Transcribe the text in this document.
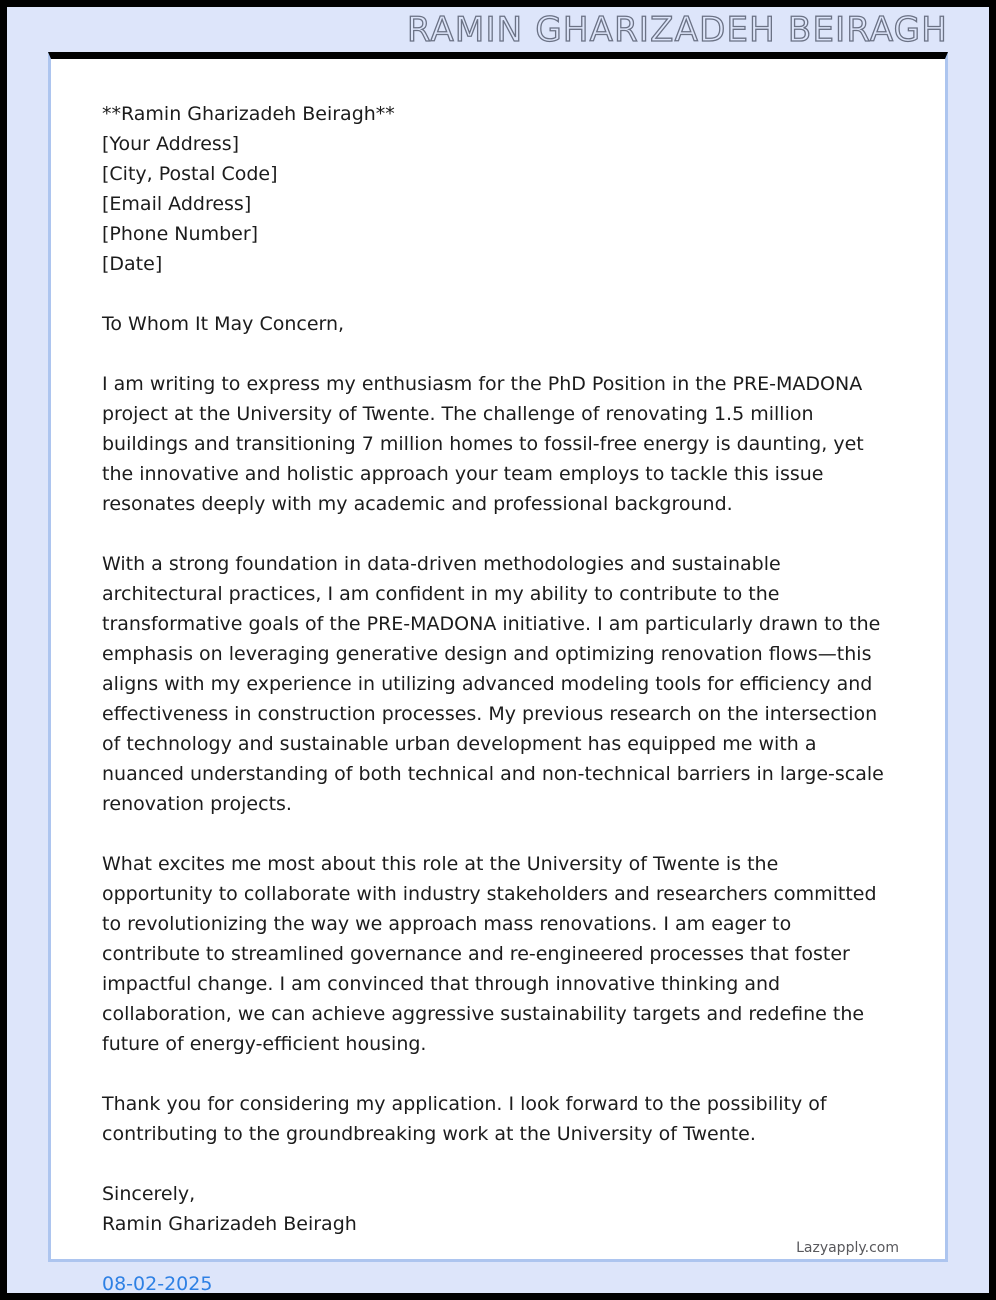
RAMIN GHARIZADEH BEIRAGH

**Ramin Gharizadeh Beiragh**

[Your Address]

[City, Postal Code]

[Email Address]

[Phone Number]

[Date]

To Whom It May Concern,

I am writing to express my enthusiasm for the PhD Position in the PRE-MADONA project at the University of Twente. The challenge of renovating 1.5 million buildings and transitioning 7 million homes to fossil-free energy is daunting, yet the innovative and holistic approach your team employs to tackle this issue resonates deeply with my academic and professional background.

With a strong foundation in data-driven methodologies and sustainable architectural practices, I am confident in my ability to contribute to the transformative goals of the PRE-MADONA initiative. I am particularly drawn to the emphasis on leveraging generative design and optimizing renovation flows—this aligns with my experience in utilizing advanced modeling tools for efficiency and effectiveness in construction processes. My previous research on the intersection of technology and sustainable urban development has equipped me with a nuanced understanding of both technical and non-technical barriers in large-scale renovation projects.

What excites me most about this role at the University of Twente is the opportunity to collaborate with industry stakeholders and researchers committed to revolutionizing the way we approach mass renovations. I am eager to contribute to streamlined governance and re-engineered processes that foster impactful change. I am convinced that through innovative thinking and collaboration, we can achieve aggressive sustainability targets and redefine the future of energy-efficient housing.

Thank you for considering my application. I look forward to the possibility of contributing to the groundbreaking work at the University of Twente.

Sincerely,

Ramin Gharizadeh Beiragh

08-02-2025

Lazyapply.com
